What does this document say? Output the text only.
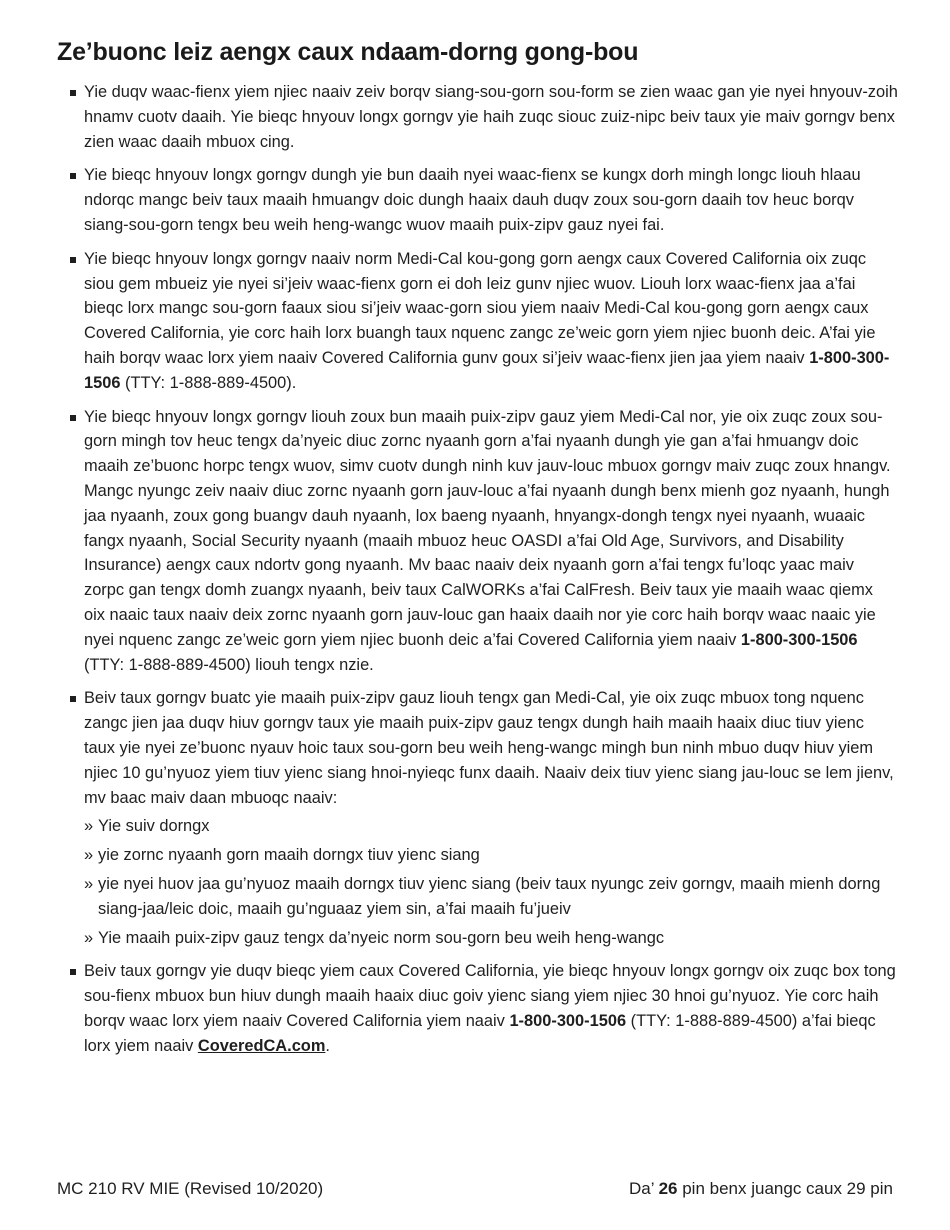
Ze’buonc leiz aengx caux ndaam-dorng gong-bou
Yie duqv waac-fienx yiem njiec naaiv zeiv borqv siang-sou-gorn sou-form se zien waac gan yie nyei hnyouv-zoih hnamv cuotv daaih. Yie bieqc hnyouv longx gorngv yie haih zuqc siouc zuiz-nipc beiv taux yie maiv gorngv benx zien waac daaih mbuox cing.
Yie bieqc hnyouv longx gorngv dungh yie bun daaih nyei waac-fienx se kungx dorh mingh longc liouh hlaau ndorqc mangc beiv taux maaih hmuangv doic dungh haaix dauh duqv zoux sou-gorn daaih tov heuc borqv siang-sou-gorn tengx beu weih heng-wangc wuov maaih puix-zipv gauz nyei fai.
Yie bieqc hnyouv longx gorngv naaiv norm Medi-Cal kou-gong gorn aengx caux Covered California oix zuqc siou gem mbueiz yie nyei si’jeiv waac-fienx gorn ei doh leiz gunv njiec wuov. Liouh lorx waac-fienx jaa a’fai bieqc lorx mangc sou-gorn faaux siou si’jeiv waac-gorn siou yiem naaiv Medi-Cal kou-gong gorn aengx caux Covered California, yie corc haih lorx buangh taux nquenc zangc ze’weic gorn yiem njiec buonh deic. A’fai yie haih borqv waac lorx yiem naaiv Covered California gunv goux si’jeiv waac-fienx jien jaa yiem naaiv 1-800-300-1506 (TTY: 1-888-889-4500).
Yie bieqc hnyouv longx gorngv liouh zoux bun maaih puix-zipv gauz yiem Medi-Cal nor, yie oix zuqc zoux sou-gorn mingh tov heuc tengx da’nyeic diuc zornc nyaanh gorn a’fai nyaanh dungh yie gan a’fai hmuangv doic maaih ze’buonc horpc tengx wuov, simv cuotv dungh ninh kuv jauv-louc mbuox gorngv maiv zuqc zoux hnangv. Mangc nyungc zeiv naaiv diuc zornc nyaanh gorn jauv-louc a’fai nyaanh dungh benx mienh goz nyaanh, hungh jaa nyaanh, zoux gong buangv dauh nyaanh, lox baeng nyaanh, hnyangx-dongh tengx nyei nyaanh, wuaaic fangx nyaanh, Social Security nyaanh (maaih mbuoz heuc OASDI a’fai Old Age, Survivors, and Disability Insurance) aengx caux ndortv gong nyaanh. Mv baac naaiv deix nyaanh gorn a’fai tengx fu’loqc yaac maiv zorpc gan tengx domh zuangx nyaanh, beiv taux CalWORKs a’fai CalFresh. Beiv taux yie maaih waac qiemx oix naaic taux naaiv deix zornc nyaanh gorn jauv-louc gan haaix daaih nor yie corc haih borqv waac naaic yie nyei nquenc zangc ze’weic gorn yiem njiec buonh deic a’fai Covered California yiem naaiv 1-800-300-1506 (TTY: 1-888-889-4500) liouh tengx nzie.
Beiv taux gorngv buatc yie maaih puix-zipv gauz liouh tengx gan Medi-Cal, yie oix zuqc mbuox tong nquenc zangc jien jaa duqv hiuv gorngv taux yie maaih puix-zipv gauz tengx dungh haih maaih haaix diuc tiuv yienc taux yie nyei ze’buonc nyauv hoic taux sou-gorn beu weih heng-wangc mingh bun ninh mbuo duqv hiuv yiem njiec 10 gu’nyuoz yiem tiuv yienc siang hnoi-nyieqc funx daaih. Naaiv deix tiuv yienc siang jau-louc se lem jienv, mv baac maiv daan mbuoqc naaiv:
» Yie suiv dorngx
» yie zornc nyaanh gorn maaih dorngx tiuv yienc siang
» yie nyei huov jaa gu’nyuoz maaih dorngx tiuv yienc siang (beiv taux nyungc zeiv gorngv, maaih mienh dorng siang-jaa/leic doic, maaih gu’nguaaz yiem sin, a’fai maaih fu’jueiv
» Yie maaih puix-zipv gauz tengx da’nyeic norm sou-gorn beu weih heng-wangc
Beiv taux gorngv yie duqv bieqc yiem caux Covered California, yie bieqc hnyouv longx gorngv oix zuqc box tong sou-fienx mbuox bun hiuv dungh maaih haaix diuc goiv yienc siang yiem njiec 30 hnoi gu’nyuoz. Yie corc haih borqv waac lorx yiem naaiv Covered California yiem naaiv 1-800-300-1506 (TTY: 1-888-889-4500) a’fai bieqc lorx yiem naaiv CoveredCA.com.
MC 210 RV MIE (Revised 10/2020)	Da’ 26 pin benx juangc caux 29 pin
